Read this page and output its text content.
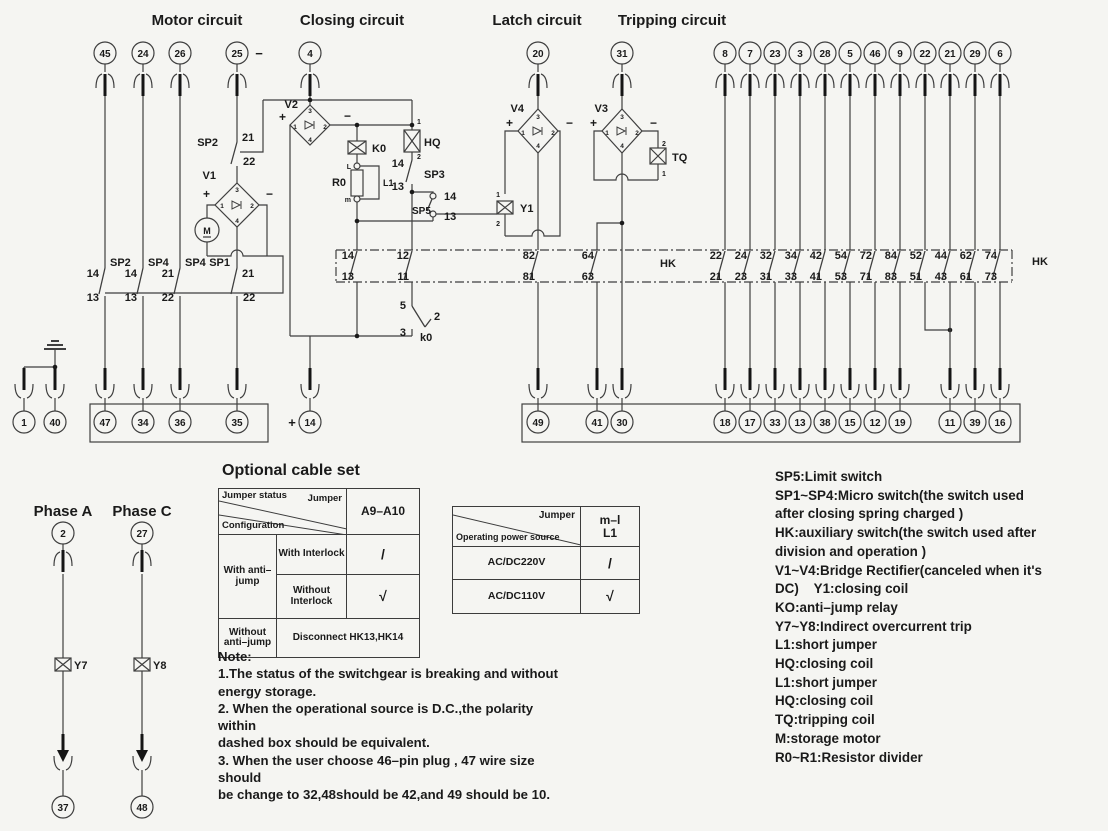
Motor circuit	Closing circuit	Latch circuit Tripping circuit
45	24	26	25	4	20	31	8 7 23 3 28 5 46 9 22 21 29 6
1 40	47	34	36	35	14	49	41 30	18 17 33 13 38 15 12 19	11 39 16
14
13
12
11
82
81
64
63
22
21
24
23
32
31
34
33
42
41
54
53
72
71
84
83
52
51
44
43
62
61
74
73
−
+
SP2 21
22
V1
+	−
3
1	2
4
M
14
13
SP2
14
13
SP4
21
22
SP4 SP1
21
22
V2
+	−
3
1	2
4
K0
L
R0	L1
m
1
HQ
2
14
SP3
13
14
SP5 13
5
2
3 k0
V4
+	−
3
1	2
4
1
Y1
2
V3
+	−
3
1	2
4	2
TQ
1
HK	HK
Phase A
2
Y7
37
Phase C
27
Y8
48
Optional cable set
Jumper status Jumper
Configuration
A9–A10
With anti–jump
With Interlock	/
Without Interlock	√
Without anti–jump	Disconnect HK13,HK14
Jumper
Operating power source
m–l
L1
AC/DC220V	/
AC/DC110V	√
Note:
1.The status of the switchgear is breaking and without
energy storage.
2. When the operational source is D.C.,the polarity within
dashed box should be equivalent.
3. When the user choose 46–pin plug , 47 wire size should
be change to 32,48should be 42,and 49 should be 10.
SP5:Limit switch
SP1~SP4:Micro switch(the switch used
after closing spring charged )
HK:auxiliary switch(the switch used after
division and operation )
V1~V4:Bridge Rectifier(canceled when it's
DC)    Y1:closing coil
KO:anti–jump relay
Y7~Y8:Indirect overcurrent trip
L1:short jumper
HQ:closing coil
L1:short jumper
HQ:closing coil
TQ:tripping coil
M:storage motor
R0~R1:Resistor divider
